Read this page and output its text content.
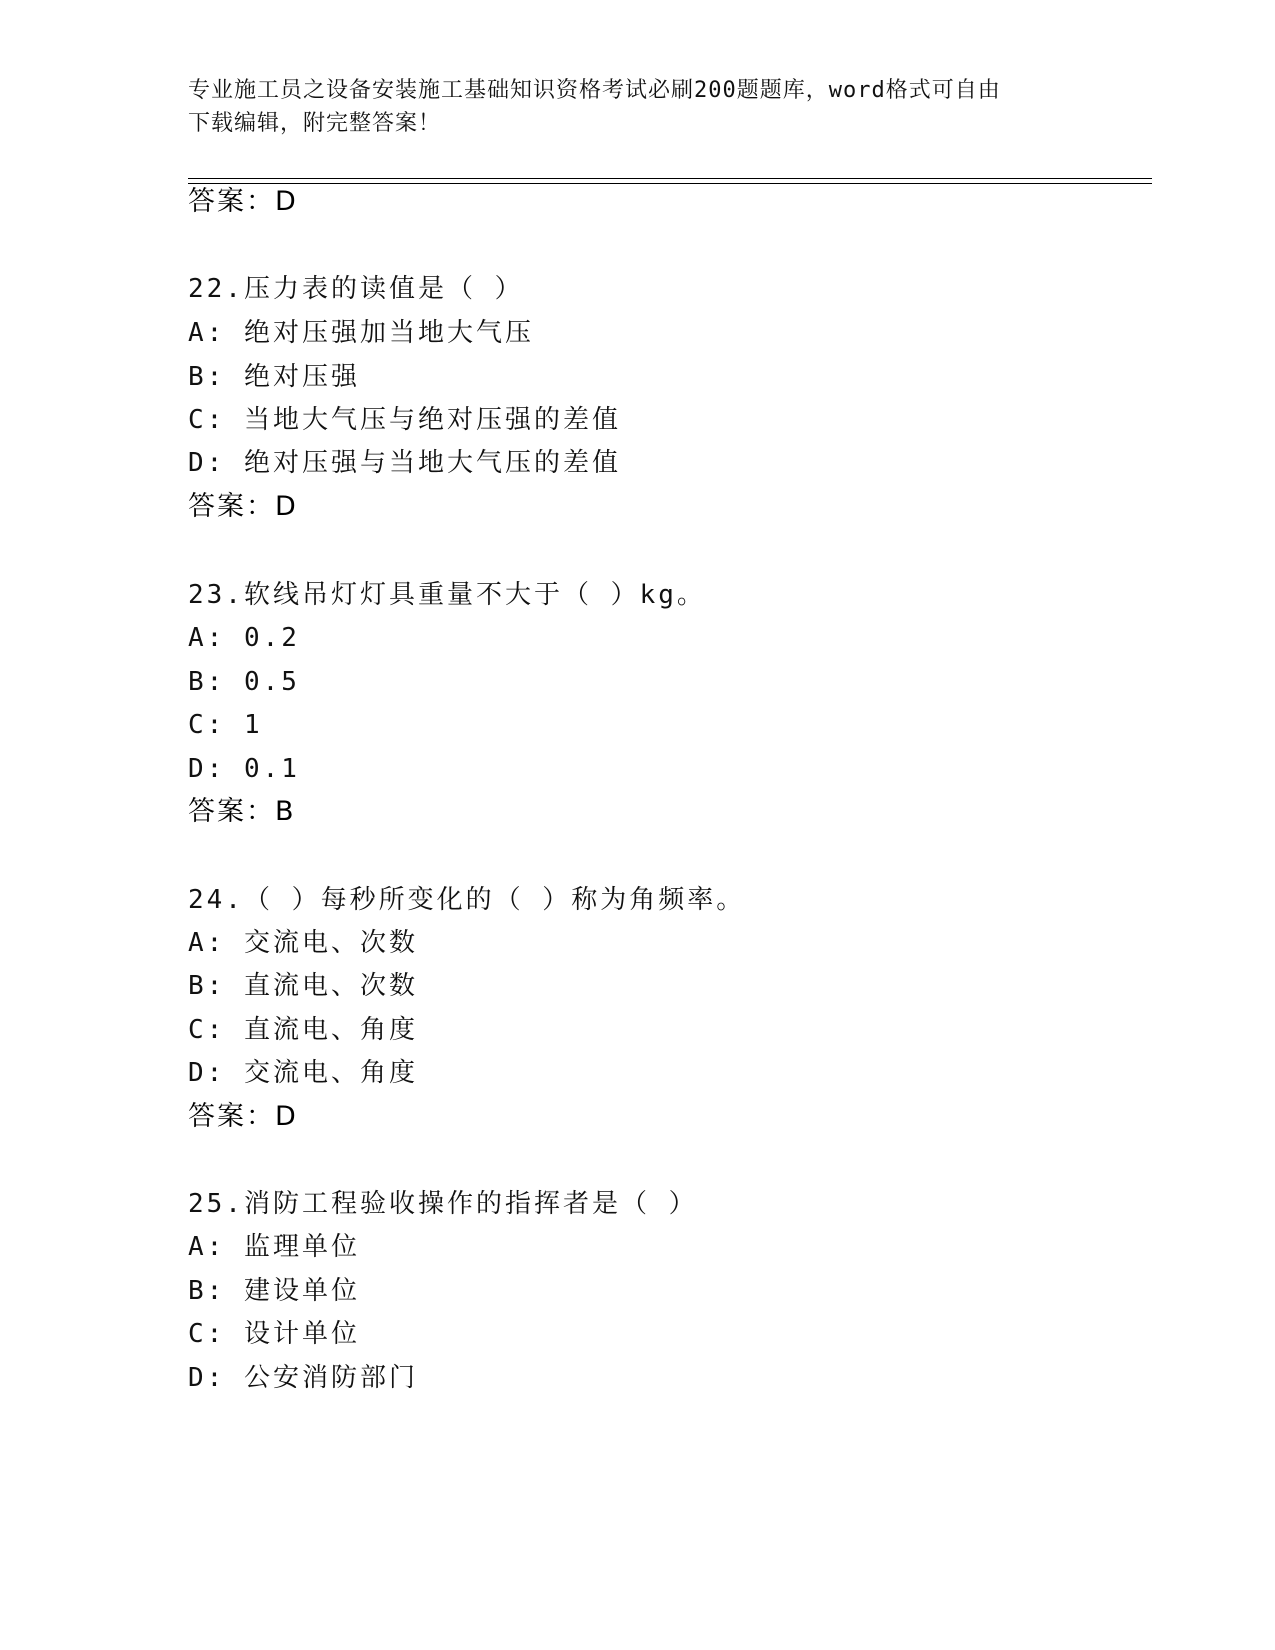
专业施工员之设备安装施工基础知识资格考试必刷200题题库，word格式可自由
下载编辑，附完整答案！
答案：D
22.压力表的读值是（ ）
A: 绝对压强加当地大气压
B: 绝对压强
C: 当地大气压与绝对压强的差值
D: 绝对压强与当地大气压的差值
答案：D
23.软线吊灯灯具重量不大于（ ）kg。
A: 0.2
B: 0.5
C: 1
D: 0.1
答案：B
24.（ ）每秒所变化的（ ）称为角频率。
A: 交流电、次数
B: 直流电、次数
C: 直流电、角度
D: 交流电、角度
答案：D
25.消防工程验收操作的指挥者是（ ）
A: 监理单位
B: 建设单位
C: 设计单位
D: 公安消防部门
